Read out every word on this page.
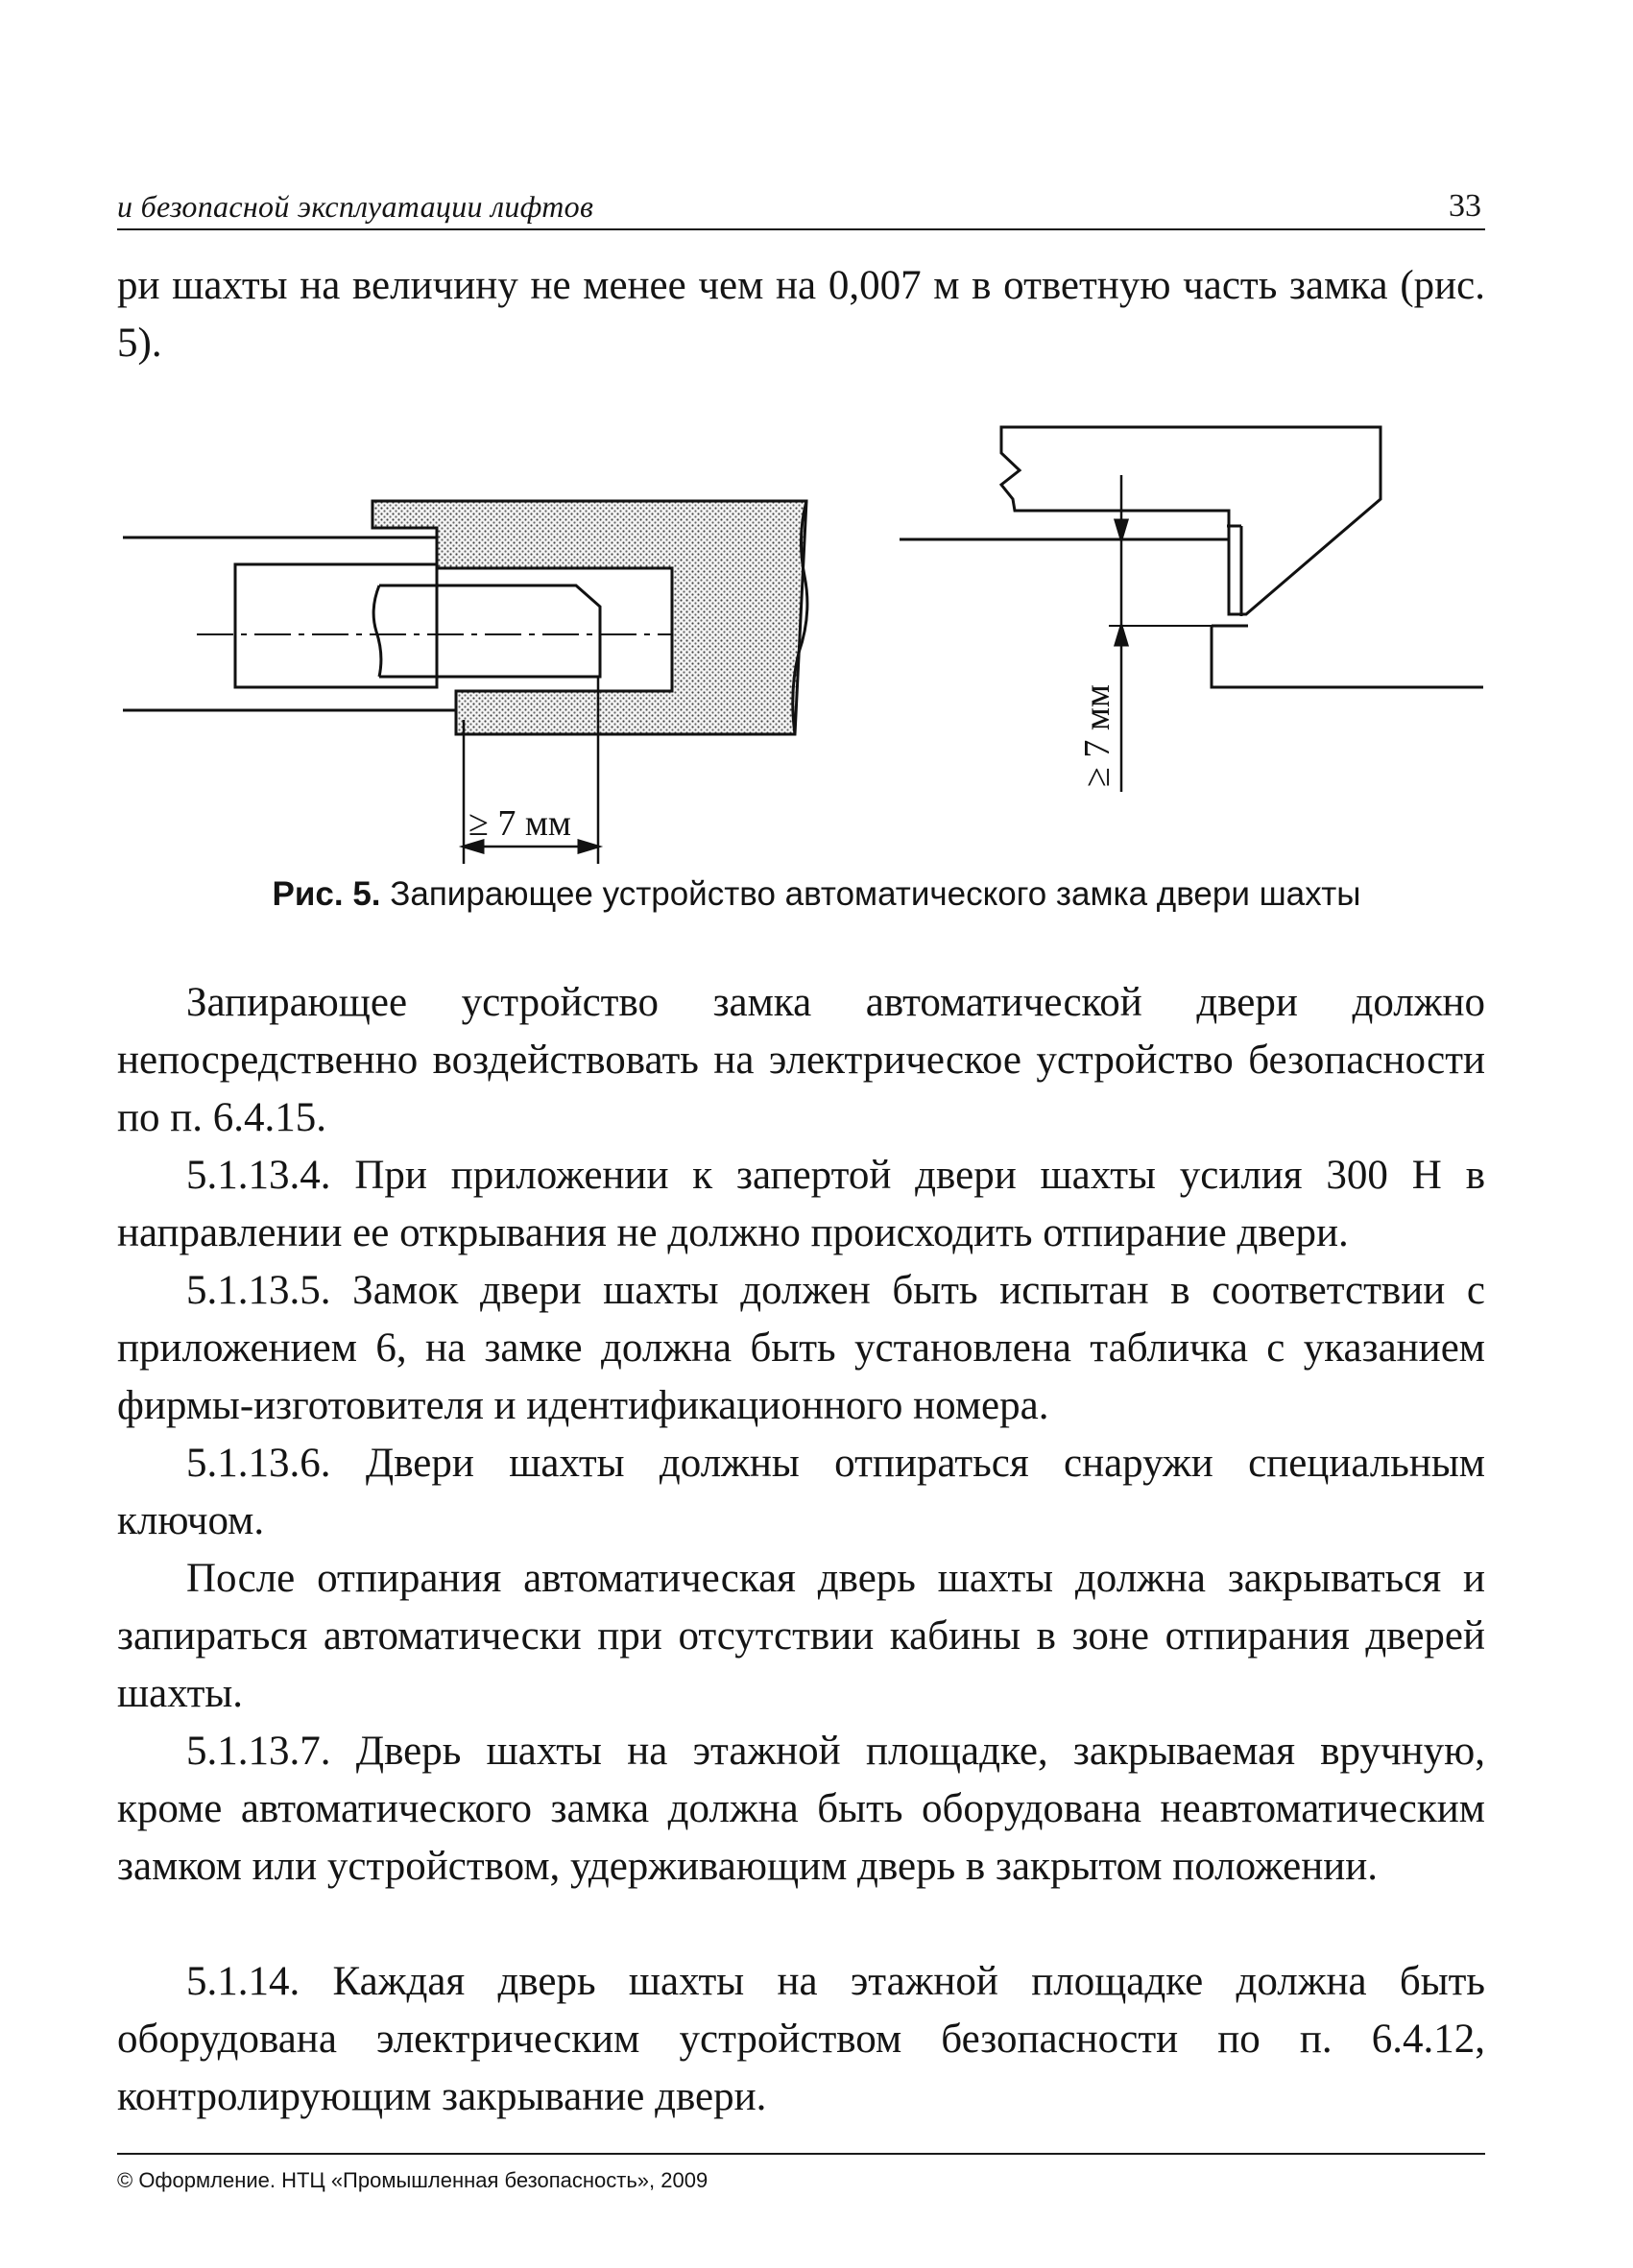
и безопасной эксплуатации лифтов	33

ри шахты на величину не менее чем на 0,007 м в ответную часть замка (рис. 5).

≥ 7 мм
≥ 7 мм
Рис. 5. Запирающее устройство автоматического замка двери шахты

Запирающее устройство замка автоматической двери должно непосредственно воздействовать на электрическое устройство безопасности по п. 6.4.15.

5.1.13.4. При приложении к запертой двери шахты усилия 300 Н в направлении ее открывания не должно происходить отпирание двери.

5.1.13.5. Замок двери шахты должен быть испытан в соответствии с приложением 6, на замке должна быть установлена табличка с указанием фирмы-изготовителя и идентификационного номера.

5.1.13.6. Двери шахты должны отпираться снаружи специальным ключом.

После отпирания автоматическая дверь шахты должна закрываться и запираться автоматически при отсутствии кабины в зоне отпирания дверей шахты.

5.1.13.7. Дверь шахты на этажной площадке, закрываемая вручную, кроме автоматического замка должна быть оборудована неавтоматическим замком или устройством, удерживающим дверь в закрытом положении.

5.1.14. Каждая дверь шахты на этажной площадке должна быть оборудована электрическим устройством безопасности по п. 6.4.12, контролирующим закрывание двери.

© Оформление. НТЦ «Промышленная безопасность», 2009
